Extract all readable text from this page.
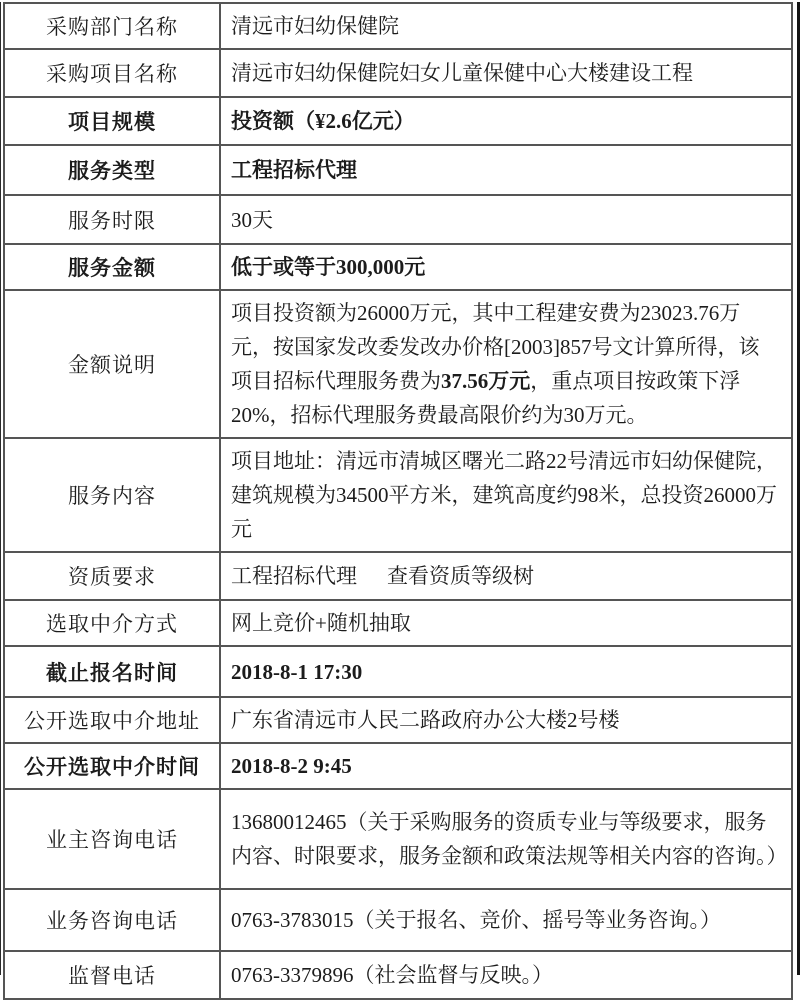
采购部门名称	清远市妇幼保健院
采购项目名称	清远市妇幼保健院妇女儿童保健中心大楼建设工程
项目规模	投资额（¥2.6亿元）
服务类型	工程招标代理
服务时限	30天
服务金额	低于或等于300,000元
金额说明	项目投资额为26000万元，其中工程建安费为23023.76万元，按国家发改委发改办价格[2003]857号文计算所得，该项目招标代理服务费为37.56万元，重点项目按政策下浮20%，招标代理服务费最高限价约为30万元。
服务内容	项目地址：清远市清城区曙光二路22号清远市妇幼保健院，建筑规模为34500平方米，建筑高度约98米，总投资26000万元
资质要求	工程招标代理 查看资质等级树
选取中介方式	网上竞价+随机抽取
截止报名时间	2018-8-1 17:30
公开选取中介地址	广东省清远市人民二路政府办公大楼2号楼
公开选取中介时间	2018-8-2 9:45
业主咨询电话	13680012465（关于采购服务的资质专业与等级要求，服务内容、时限要求，服务金额和政策法规等相关内容的咨询。）
业务咨询电话	0763-3783015（关于报名、竞价、摇号等业务咨询。）
监督电话	0763-3379896（社会监督与反映。）
